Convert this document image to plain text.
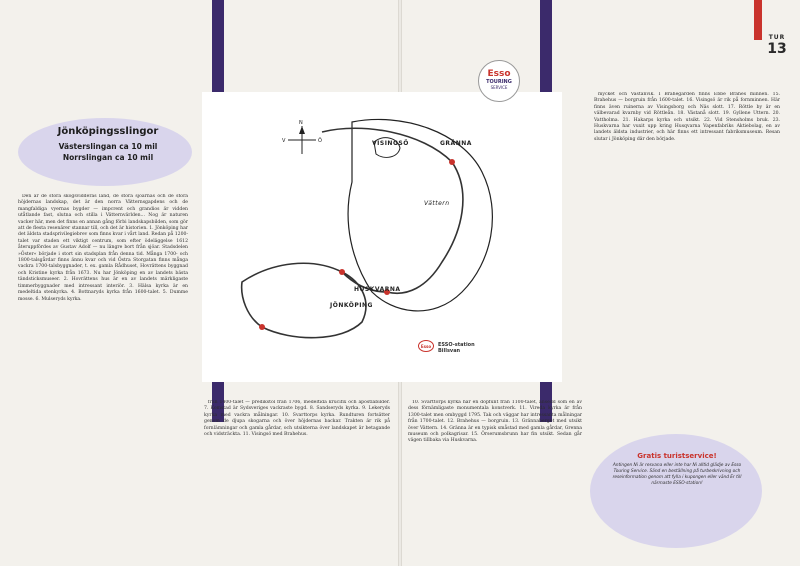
TUR
13
Jönköpingsslingor
Västerslingan ca 10 mil
Norrslingan ca 10 mil
N
V	Ö	VISINGSÖ	GRÄNNA
HUSKVARNA
JÖNKÖPING
Vättern
Esso	ESSO-station
Billsvan
Esso
TOURING
SERVICE

Den är de stora skogsvidderas land, de stora sjöarnas och de stora höjdernas landskap, det är den norra Vätternsgapdens och de mangfaldiga vyernas bygder — impcrent och grandios är vidden utåtlande fast, slutna och stilla i Vätternvärlden... Nog är naturen vacker här, men det finns en annan gång förbi landskapsbilden, som gör att de flesta resenärer stannar till, och det är historien. 1. Jönköping har det äldsta stadsprivilegiebrev som finns kvar i vårt land. Redan på 1200-talet var staden ett viktigt centrum, som efter ödeläggelse 1612 återuppfördes av Gustav Adolf — nu längre bort från sjöar. Stadsdelen »Öster« började i stort sin stadsplan från denna tid. Många 1700- och 1800-talsgårdar finns ännu kvar och vid Östra Storgatan finns många vackra 1700-talsbyggnader, t. ex. gamla Rådhuset, Hovrättens byggnad och Kristine kyrka från 1673. Nu har Jönköping en av landets bästa tändsticksmuseer. 2. Hovrättens hus är en av landets märkligaste timmerbyggnader med intressant interiör. 3. Hälsa kyrka är en medeltida stenkyrka. 4. Bottnaryds kyrka från 1600-talet. 5. Dumme mosse. 6. Mulseryds kyrka.

från 1400-talet — predikstol från 1706, medeltida krucifix och apostlabilder. 7. Komstad är Sydsveriges vackraste bygd. 8. Sandseryds kyrka. 9. Lekeryds kyrka med vackra målningar. 10. Svarttorps kyrka. Rundturen fortsätter genom de djupa skogarna och över höjdernas backar. Trakten är rik på fornlämningar och gamla gårdar, och utsikterna över landskapet är betagande och vidsträckta. 11. Visingsö med Brahehus.

10. Svarttorps kyrka har en dopfunt från 1100-talet, ansedd som en av dess förnämligaste monumentala konstverk. 11. Vireda kyrka är från 1300-talet men ombyggd 1795. Tak och väggar har intressanta målningar från 1700-talet. 12. Brahehus — borgruin. 13. Grännaberget med utsikt över Vättern. 14. Gränna är en typisk småstad med gamla gårdar, Grenna museum och polkagrisar. 15. Örserumsbrunn har fin utsikt. Sedan går vägen tillbaka via Huskvarna.

mycket och Västanvik. I Brahegarden finns Ebbe Brahes minnen. 15. Brahehus — borgruin från 1600-talet. 16. Visingsö är rik på fornminnen. Här finns även ruinerna av Visingsborg och Näs slott. 17. Röttle by är en välbevarad kvarnby vid Röttleån. 18. Västanå slott. 19. Gyllene Uttern. 20. Vattholma. 21. Hakarps kyrka och utsikt. 22. Vid Stensholms bruk. 23. Huskvarna har vuxit upp kring Husqvarna Vapenfabriks Aktiebolag, en av landets äldsta industrier, och här finns ett intressant fabriksmuseum. Resan slutar i Jönköping där den började.

Gratis turistservice!
Antingen Ni är resvana eller inte har Ni alltid glädje av Esso Touring Service. Sänd en beställning på turbeskrivning och reseinformation genom att fylla i kupongen eller vänd Er till närmaste ESSO-station!
